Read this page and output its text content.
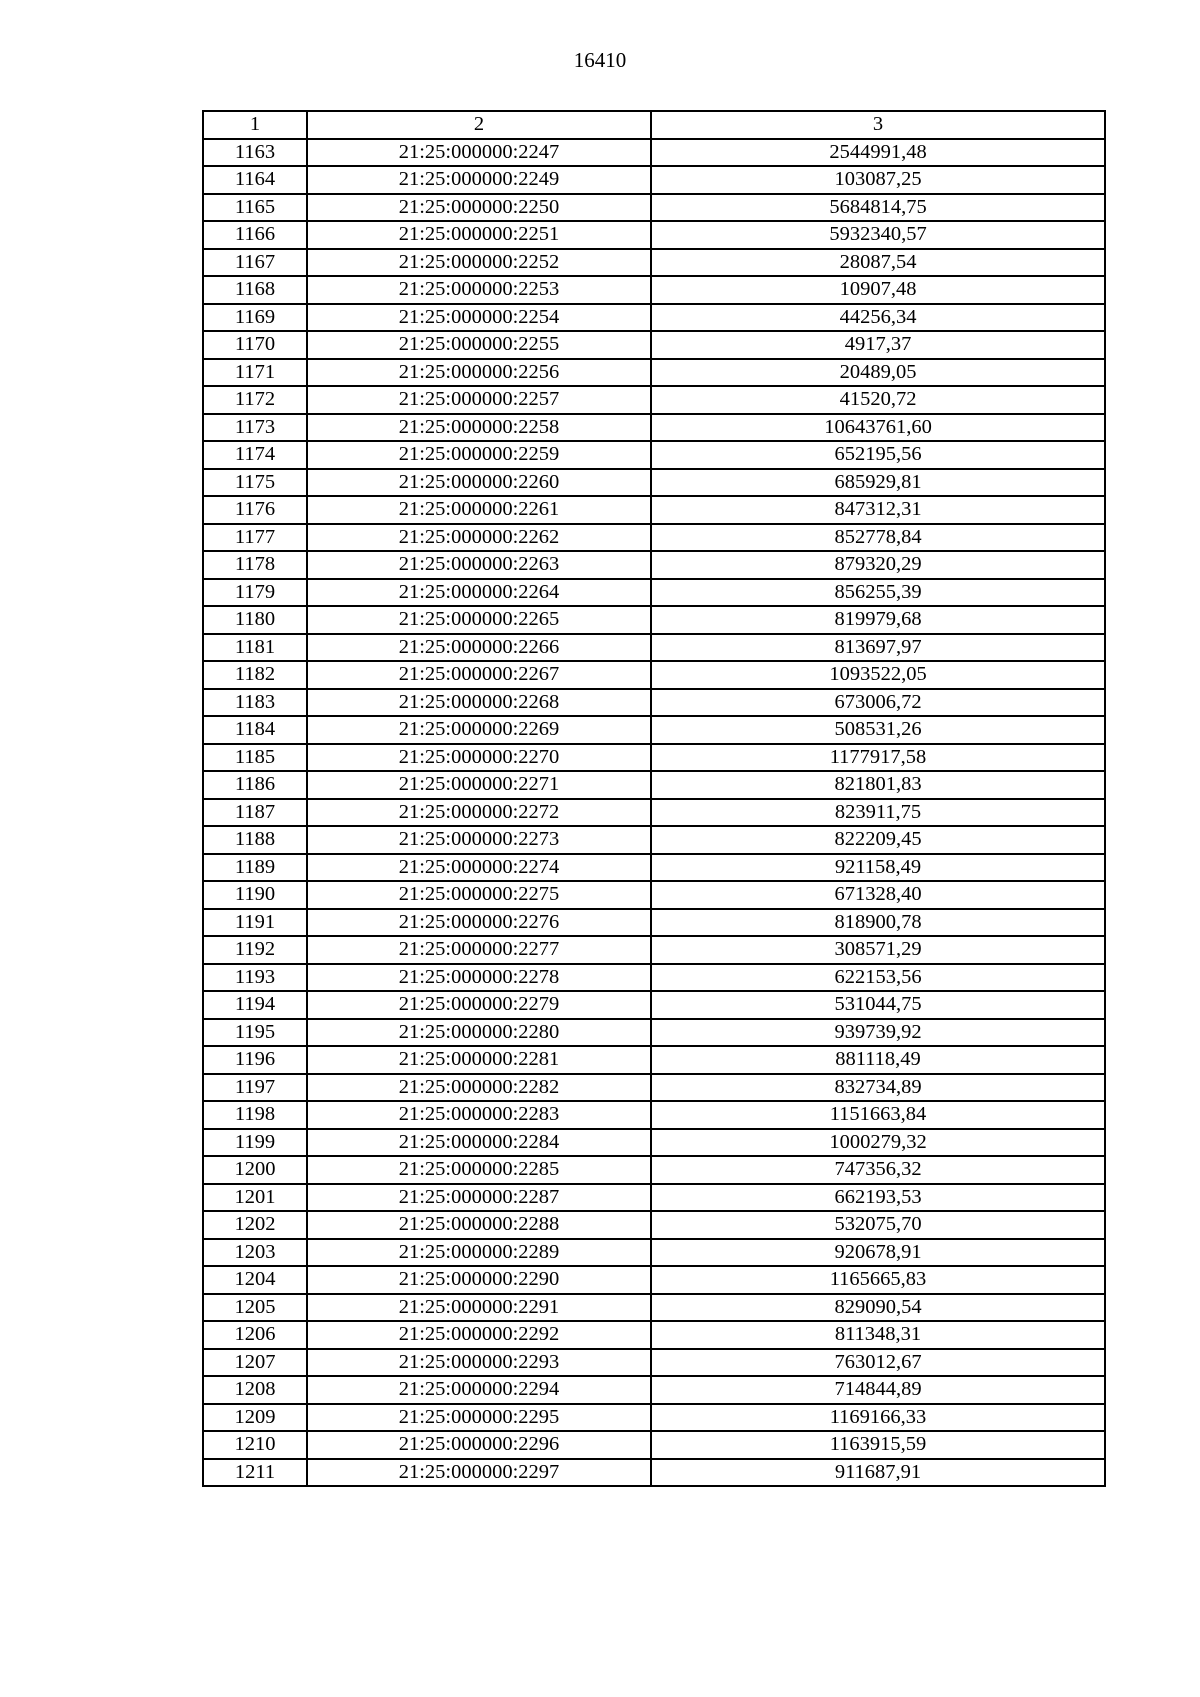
16410
1	2	3
1163	21:25:000000:2247	2544991,48
1164	21:25:000000:2249	103087,25
1165	21:25:000000:2250	5684814,75
1166	21:25:000000:2251	5932340,57
1167	21:25:000000:2252	28087,54
1168	21:25:000000:2253	10907,48
1169	21:25:000000:2254	44256,34
1170	21:25:000000:2255	4917,37
1171	21:25:000000:2256	20489,05
1172	21:25:000000:2257	41520,72
1173	21:25:000000:2258	10643761,60
1174	21:25:000000:2259	652195,56
1175	21:25:000000:2260	685929,81
1176	21:25:000000:2261	847312,31
1177	21:25:000000:2262	852778,84
1178	21:25:000000:2263	879320,29
1179	21:25:000000:2264	856255,39
1180	21:25:000000:2265	819979,68
1181	21:25:000000:2266	813697,97
1182	21:25:000000:2267	1093522,05
1183	21:25:000000:2268	673006,72
1184	21:25:000000:2269	508531,26
1185	21:25:000000:2270	1177917,58
1186	21:25:000000:2271	821801,83
1187	21:25:000000:2272	823911,75
1188	21:25:000000:2273	822209,45
1189	21:25:000000:2274	921158,49
1190	21:25:000000:2275	671328,40
1191	21:25:000000:2276	818900,78
1192	21:25:000000:2277	308571,29
1193	21:25:000000:2278	622153,56
1194	21:25:000000:2279	531044,75
1195	21:25:000000:2280	939739,92
1196	21:25:000000:2281	881118,49
1197	21:25:000000:2282	832734,89
1198	21:25:000000:2283	1151663,84
1199	21:25:000000:2284	1000279,32
1200	21:25:000000:2285	747356,32
1201	21:25:000000:2287	662193,53
1202	21:25:000000:2288	532075,70
1203	21:25:000000:2289	920678,91
1204	21:25:000000:2290	1165665,83
1205	21:25:000000:2291	829090,54
1206	21:25:000000:2292	811348,31
1207	21:25:000000:2293	763012,67
1208	21:25:000000:2294	714844,89
1209	21:25:000000:2295	1169166,33
1210	21:25:000000:2296	1163915,59
1211	21:25:000000:2297	911687,91
